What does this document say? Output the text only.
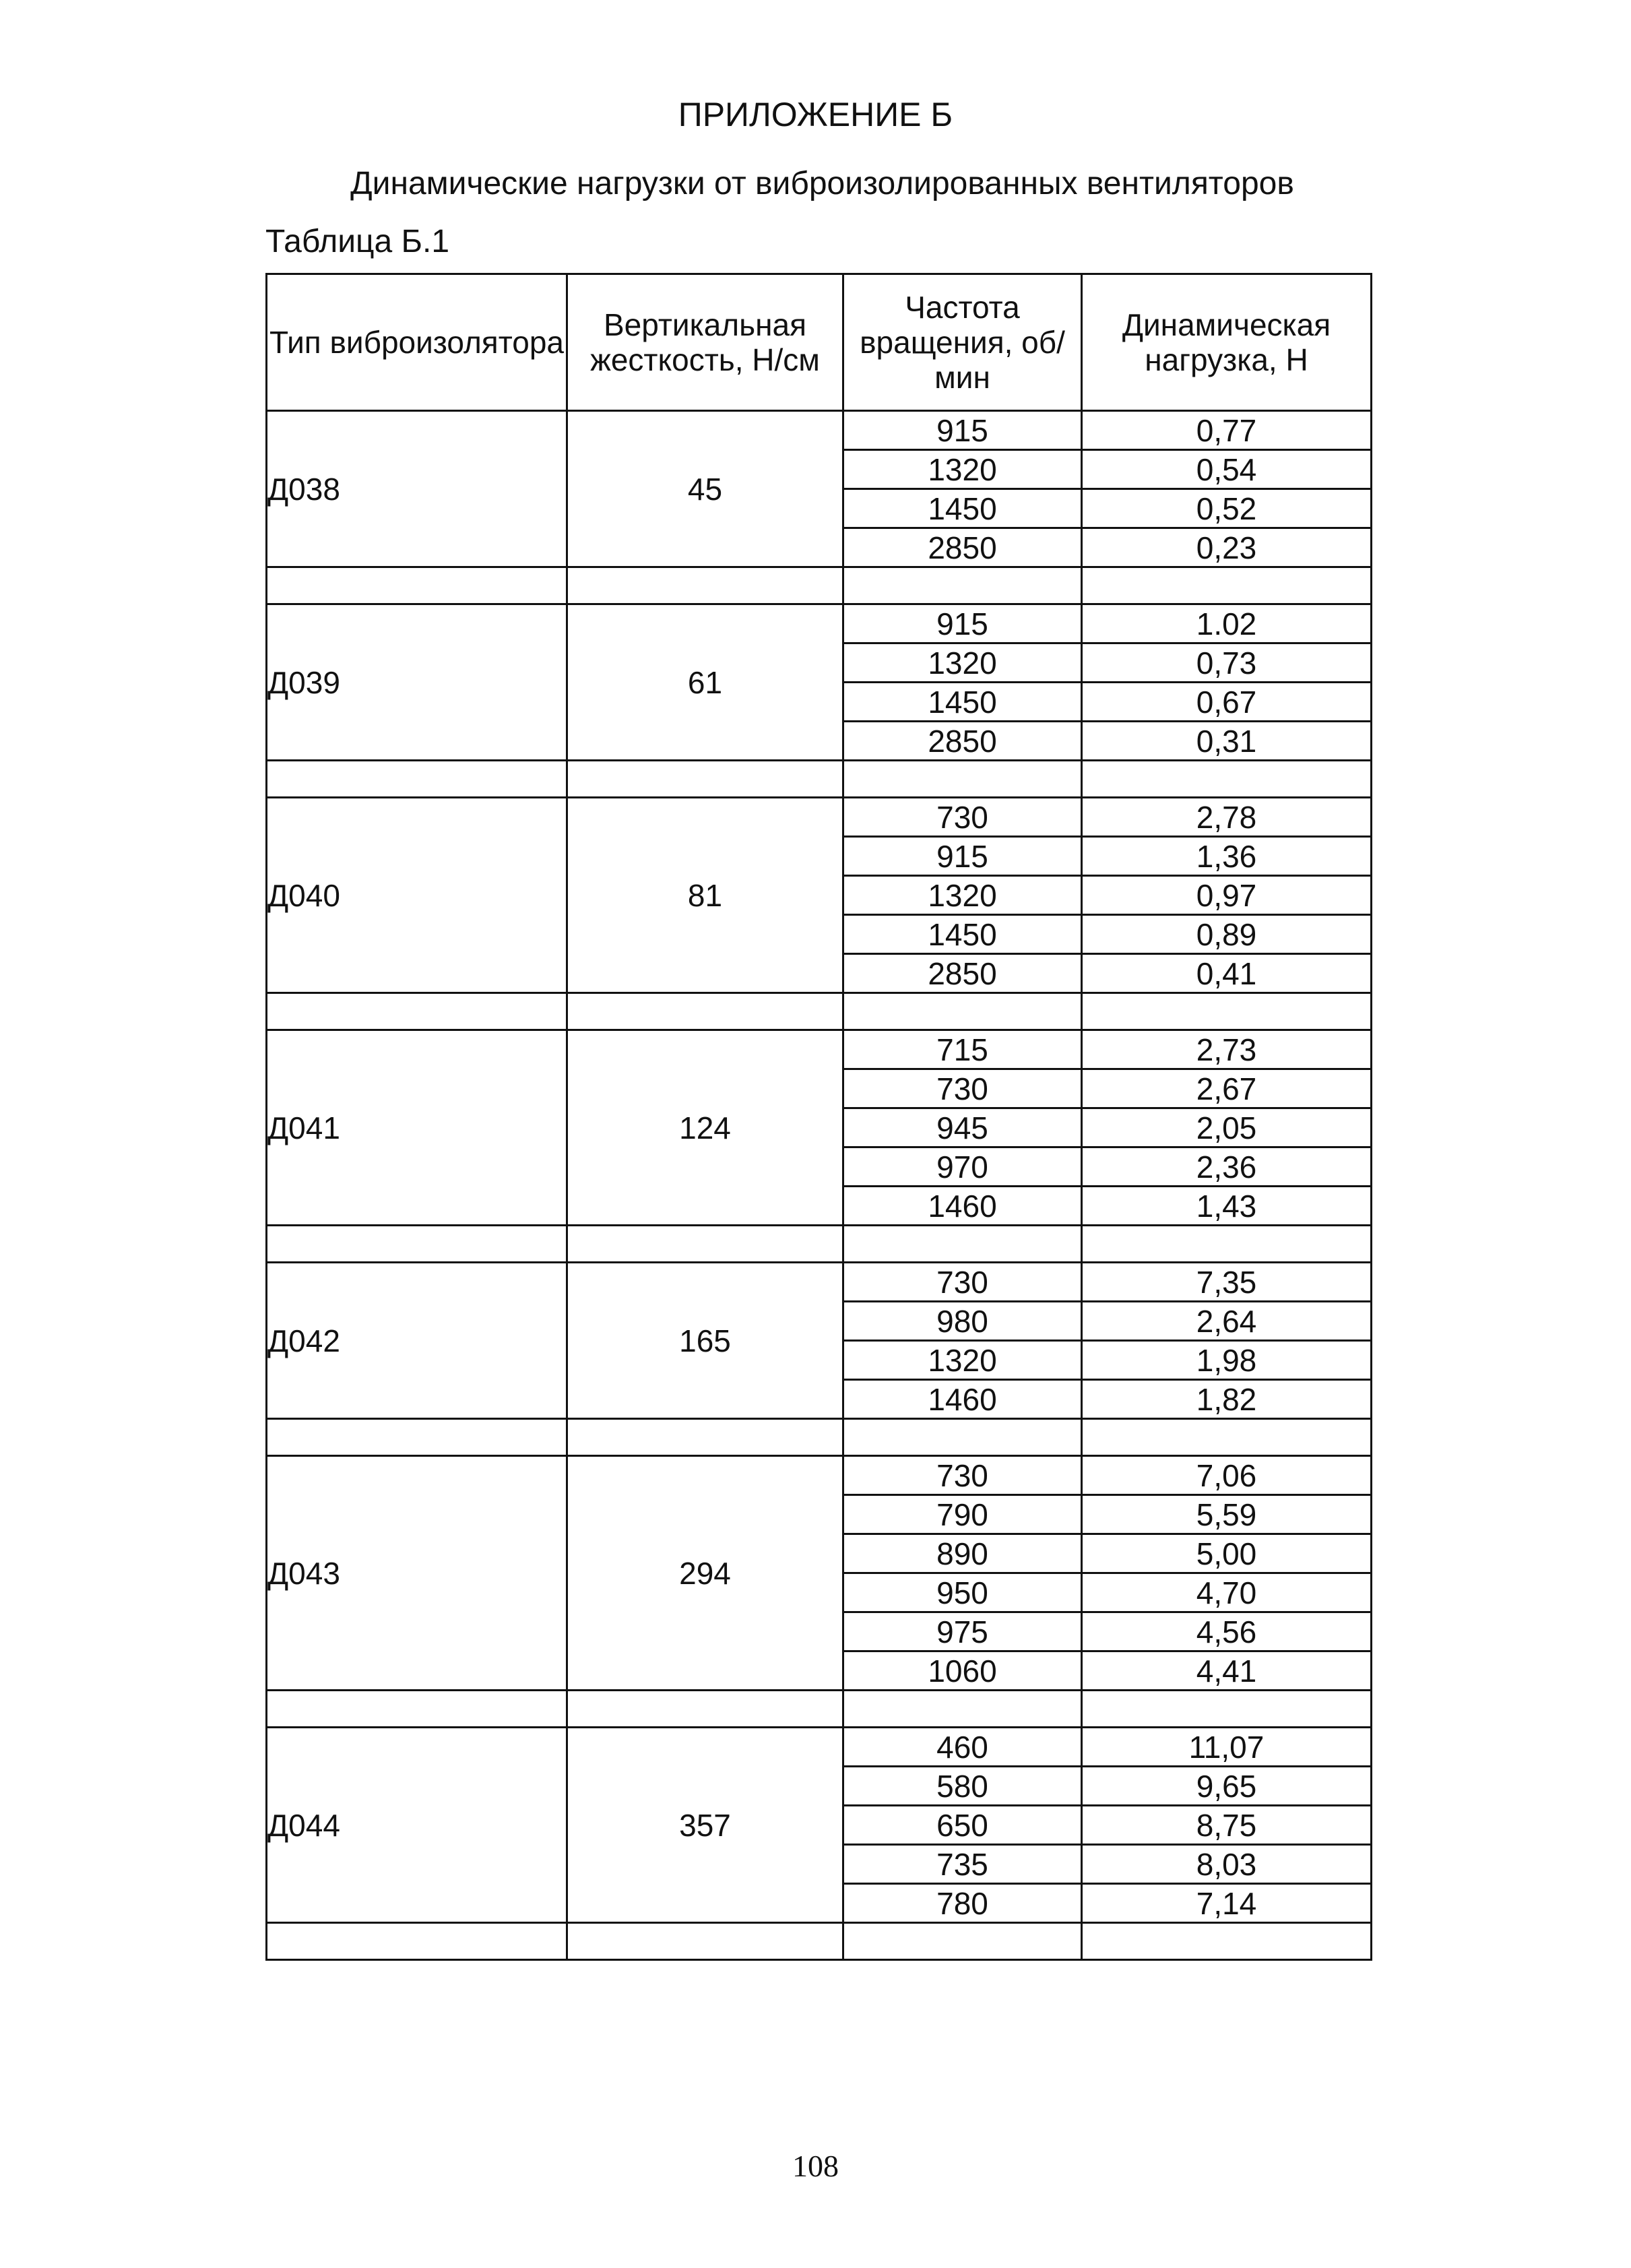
ПРИЛОЖЕНИЕ Б
Динамические нагрузки от виброизолированных вентиляторов
Таблица Б.1
Тип виброизолятора	Вертикальная жесткость, Н/см	Частота вращения, об/мин	Динамическая нагрузка, Н
Д038	45	915	0,77
		1320	0,54
		1450	0,52
		2850	0,23

Д039	61	915	1.02
		1320	0,73
		1450	0,67
		2850	0,31

Д040	81	730	2,78
		915	1,36
		1320	0,97
		1450	0,89
		2850	0,41

Д041	124	715	2,73
		730	2,67
		945	2,05
		970	2,36
		1460	1,43

Д042	165	730	7,35
		980	2,64
		1320	1,98
		1460	1,82

Д043	294	730	7,06
		790	5,59
		890	5,00
		950	4,70
		975	4,56
		1060	4,41

Д044	357	460	11,07
		580	9,65
		650	8,75
		735	8,03
		780	7,14

108
